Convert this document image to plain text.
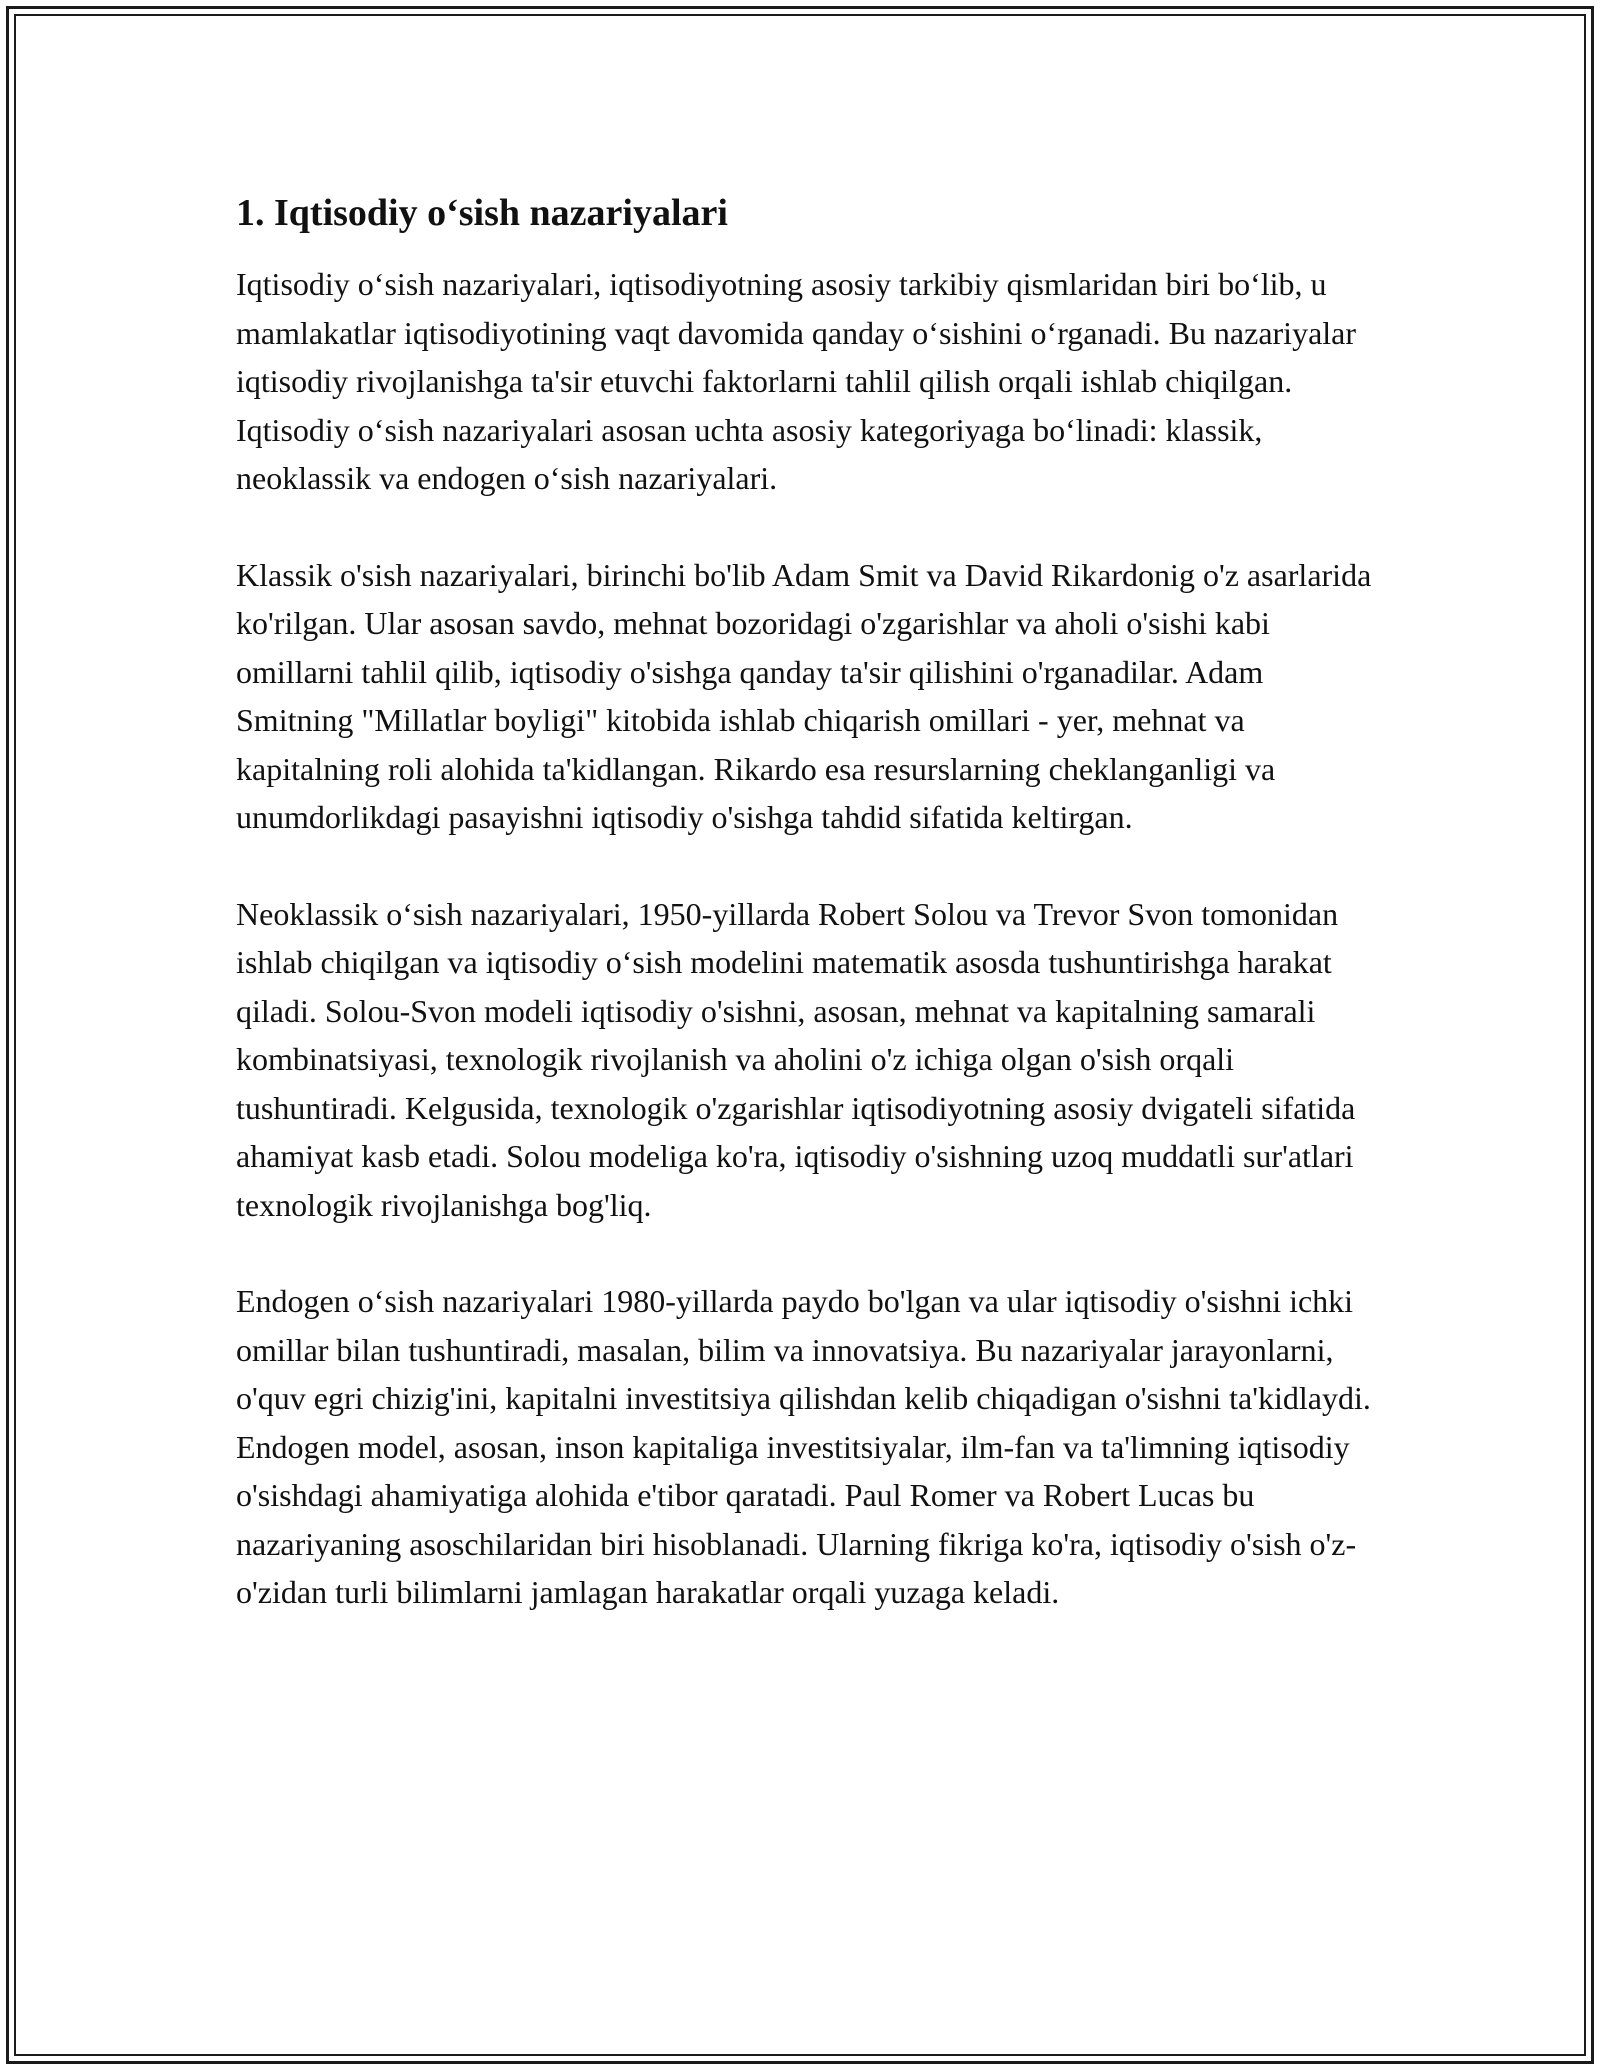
1. Iqtisodiy o‘sish nazariyalari

Iqtisodiy o‘sish nazariyalari, iqtisodiyotning asosiy tarkibiy qismlaridan biri bo‘lib, u mamlakatlar iqtisodiyotining vaqt davomida qanday o‘sishini o‘rganadi. Bu nazariyalar iqtisodiy rivojlanishga ta'sir etuvchi faktorlarni tahlil qilish orqali ishlab chiqilgan. Iqtisodiy o‘sish nazariyalari asosan uchta asosiy kategoriyaga bo‘linadi: klassik, neoklassik va endogen o‘sish nazariyalari.

Klassik o'sish nazariyalari, birinchi bo'lib Adam Smit va David Rikardonig o'z asarlarida ko'rilgan. Ular asosan savdo, mehnat bozoridagi o'zgarishlar va aholi o'sishi kabi omillarni tahlil qilib, iqtisodiy o'sishga qanday ta'sir qilishini o'rganadilar. Adam Smitning "Millatlar boyligi" kitobida ishlab chiqarish omillari - yer, mehnat va kapitalning roli alohida ta'kidlangan. Rikardo esa resurslarning cheklanganligi va unumdorlikdagi pasayishni iqtisodiy o'sishga tahdid sifatida keltirgan.

Neoklassik o‘sish nazariyalari, 1950-yillarda Robert Solou va Trevor Svon tomonidan ishlab chiqilgan va iqtisodiy o‘sish modelini matematik asosda tushuntirishga harakat qiladi. Solou-Svon modeli iqtisodiy o'sishni, asosan, mehnat va kapitalning samarali kombinatsiyasi, texnologik rivojlanish va aholini o'z ichiga olgan o'sish orqali tushuntiradi. Kelgusida, texnologik o'zgarishlar iqtisodiyotning asosiy dvigateli sifatida ahamiyat kasb etadi. Solou modeliga ko'ra, iqtisodiy o'sishning uzoq muddatli sur'atlari texnologik rivojlanishga bog'liq.

Endogen o‘sish nazariyalari 1980-yillarda paydo bo'lgan va ular iqtisodiy o'sishni ichki omillar bilan tushuntiradi, masalan, bilim va innovatsiya. Bu nazariyalar jarayonlarni, o'quv egri chizig'ini, kapitalni investitsiya qilishdan kelib chiqadigan o'sishni ta'kidlaydi. Endogen model, asosan, inson kapitaliga investitsiyalar, ilm-fan va ta'limning iqtisodiy o'sishdagi ahamiyatiga alohida e'tibor qaratadi. Paul Romer va Robert Lucas bu nazariyaning asoschilaridan biri hisoblanadi. Ularning fikriga ko'ra, iqtisodiy o'sish o'z-o'zidan turli bilimlarni jamlagan harakatlar orqali yuzaga keladi.
